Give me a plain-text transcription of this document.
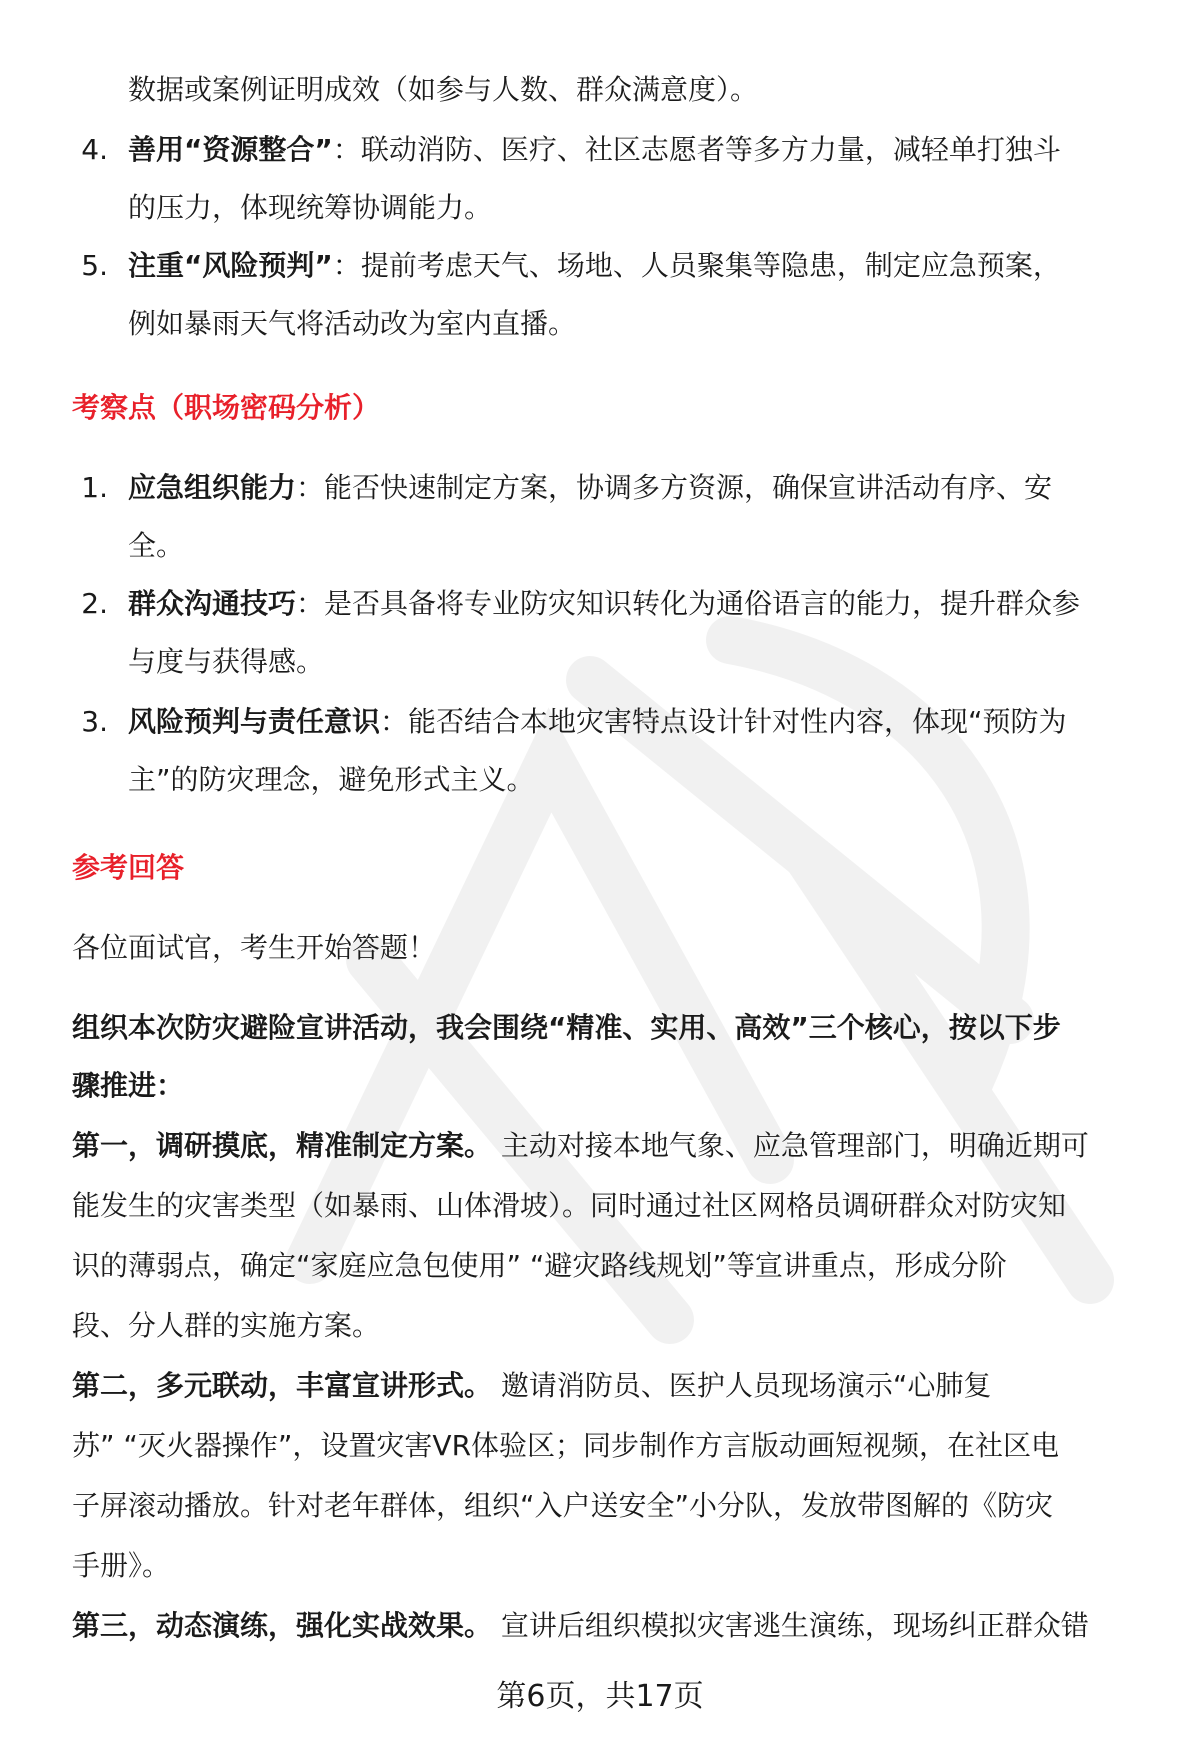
数据或案例证明成效（如参与人数、群众满意度）。
4. 善用“资源整合”：联动消防、医疗、社区志愿者等多方力量，减轻单打独斗
的压力，体现统筹协调能力。
5. 注重“风险预判”：提前考虑天气、场地、人员聚集等隐患，制定应急预案，
例如暴雨天气将活动改为室内直播。
考察点（职场密码分析）
1. 应急组织能力：能否快速制定方案，协调多方资源，确保宣讲活动有序、安
全。
2. 群众沟通技巧：是否具备将专业防灾知识转化为通俗语言的能力，提升群众参
与度与获得感。
3. 风险预判与责任意识：能否结合本地灾害特点设计针对性内容，体现“预防为
主”的防灾理念，避免形式主义。
参考回答
各位面试官，考生开始答题！
组织本次防灾避险宣讲活动，我会围绕“精准、实用、高效”三个核心，按以下步
骤推进：
第一，调研摸底，精准制定方案。 主动对接本地气象、应急管理部门，明确近期可
能发生的灾害类型（如暴雨、山体滑坡）。同时通过社区网格员调研群众对防灾知
识的薄弱点，确定“家庭应急包使用” “避灾路线规划”等宣讲重点，形成分阶
段、分人群的实施方案。
第二，多元联动，丰富宣讲形式。 邀请消防员、医护人员现场演示“心肺复
苏” “灭火器操作”，设置灾害VR体验区；同步制作方言版动画短视频，在社区电
子屏滚动播放。针对老年群体，组织“入户送安全”小分队，发放带图解的《防灾
手册》。
第三，动态演练，强化实战效果。 宣讲后组织模拟灾害逃生演练，现场纠正群众错
第6页，共17页
